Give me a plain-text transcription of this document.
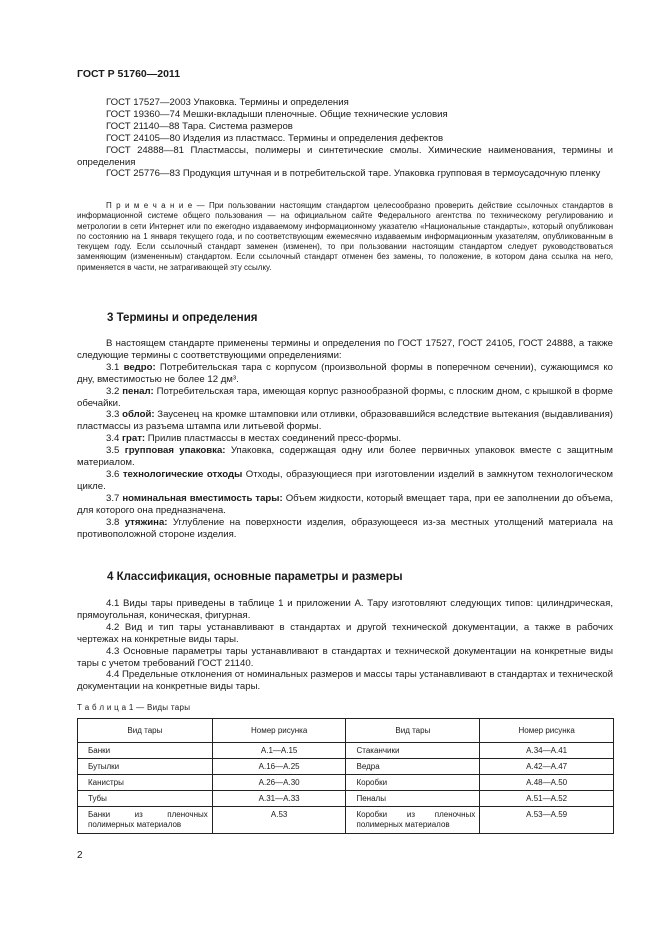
ГОСТ Р 51760—2011

ГОСТ 17527—2003 Упаковка. Термины и определения

ГОСТ 19360—74 Мешки-вкладыши пленочные. Общие технические условия

ГОСТ 21140—88 Тара. Система размеров

ГОСТ 24105—80 Изделия из пластмасс. Термины и определения дефектов

ГОСТ 24888—81 Пластмассы, полимеры и синтетические смолы. Химические наименования, термины и определения

ГОСТ 25776—83 Продукция штучная и в потребительской таре. Упаковка групповая в термоусадочную пленку

П р и м е ч а н и е — При пользовании настоящим стандартом целесообразно проверить действие ссылочных стандартов в информационной системе общего пользования — на официальном сайте Федерального агентства по техническому регулированию и метрологии в сети Интернет или по ежегодно издаваемому информационному указателю «Национальные стандарты», который опубликован по состоянию на 1 января текущего года, и по соответствующим ежемесячно издаваемым информационным указателям, опубликованным в текущем году. Если ссылочный стандарт заменен (изменен), то при пользовании настоящим стандартом следует руководствоваться заменяющим (измененным) стандартом. Если ссылочный стандарт отменен без замены, то положение, в котором дана ссылка на него, применяется в части, не затрагивающей эту ссылку.

3 Термины и определения

В настоящем стандарте применены термины и определения по ГОСТ 17527, ГОСТ 24105, ГОСТ 24888, а также следующие термины с соответствующими определениями:

3.1 ведро: Потребительская тара с корпусом (произвольной формы в поперечном сечении), сужающимся ко дну, вместимостью не более 12 дм³.

3.2 пенал: Потребительская тара, имеющая корпус разнообразной формы, с плоским дном, с крышкой в форме обечайки.

3.3 облой: Заусенец на кромке штамповки или отливки, образовавшийся вследствие вытекания (выдавливания) пластмассы из разъема штампа или литьевой формы.

3.4 грат: Прилив пластмассы в местах соединений пресс-формы.

3.5 групповая упаковка: Упаковка, содержащая одну или более первичных упаковок вместе с защитным материалом.

3.6 технологические отходы Отходы, образующиеся при изготовлении изделий в замкнутом технологическом цикле.

3.7 номинальная вместимость тары: Объем жидкости, который вмещает тара, при ее заполнении до объема, для которого она предназначена.

3.8 утяжина: Углубление на поверхности изделия, образующееся из-за местных утолщений материала на противоположной стороне изделия.

4 Классификация, основные параметры и размеры

4.1 Виды тары приведены в таблице 1 и приложении А. Тару изготовляют следующих типов: цилиндрическая, прямоугольная, коническая, фигурная.

4.2 Вид и тип тары устанавливают в стандартах и другой технической документации, а также в рабочих чертежах на конкретные виды тары.

4.3 Основные параметры тары устанавливают в стандартах и технической документации на конкретные виды тары с учетом требований ГОСТ 21140.

4.4 Предельные отклонения от номинальных размеров и массы тары устанавливают в стандартах и технической документации на конкретные виды тары.

Т а б л и ц а 1 — Виды тары
Вид тары	Номер рисунка	Вид тары	Номер рисунка
Банки	А.1—А.15	Стаканчики	А.34—А.41
Бутылки	А.16—А.25	Ведра	А.42—А.47
Канистры	А.26—А.30	Коробки	А.48—А.50
Тубы	А.31—А.33	Пеналы	А.51—А.52
Банки из пленочных полимерных материалов	А.53	Коробки из пленочных полимерных материалов	А.53—А.59
2
